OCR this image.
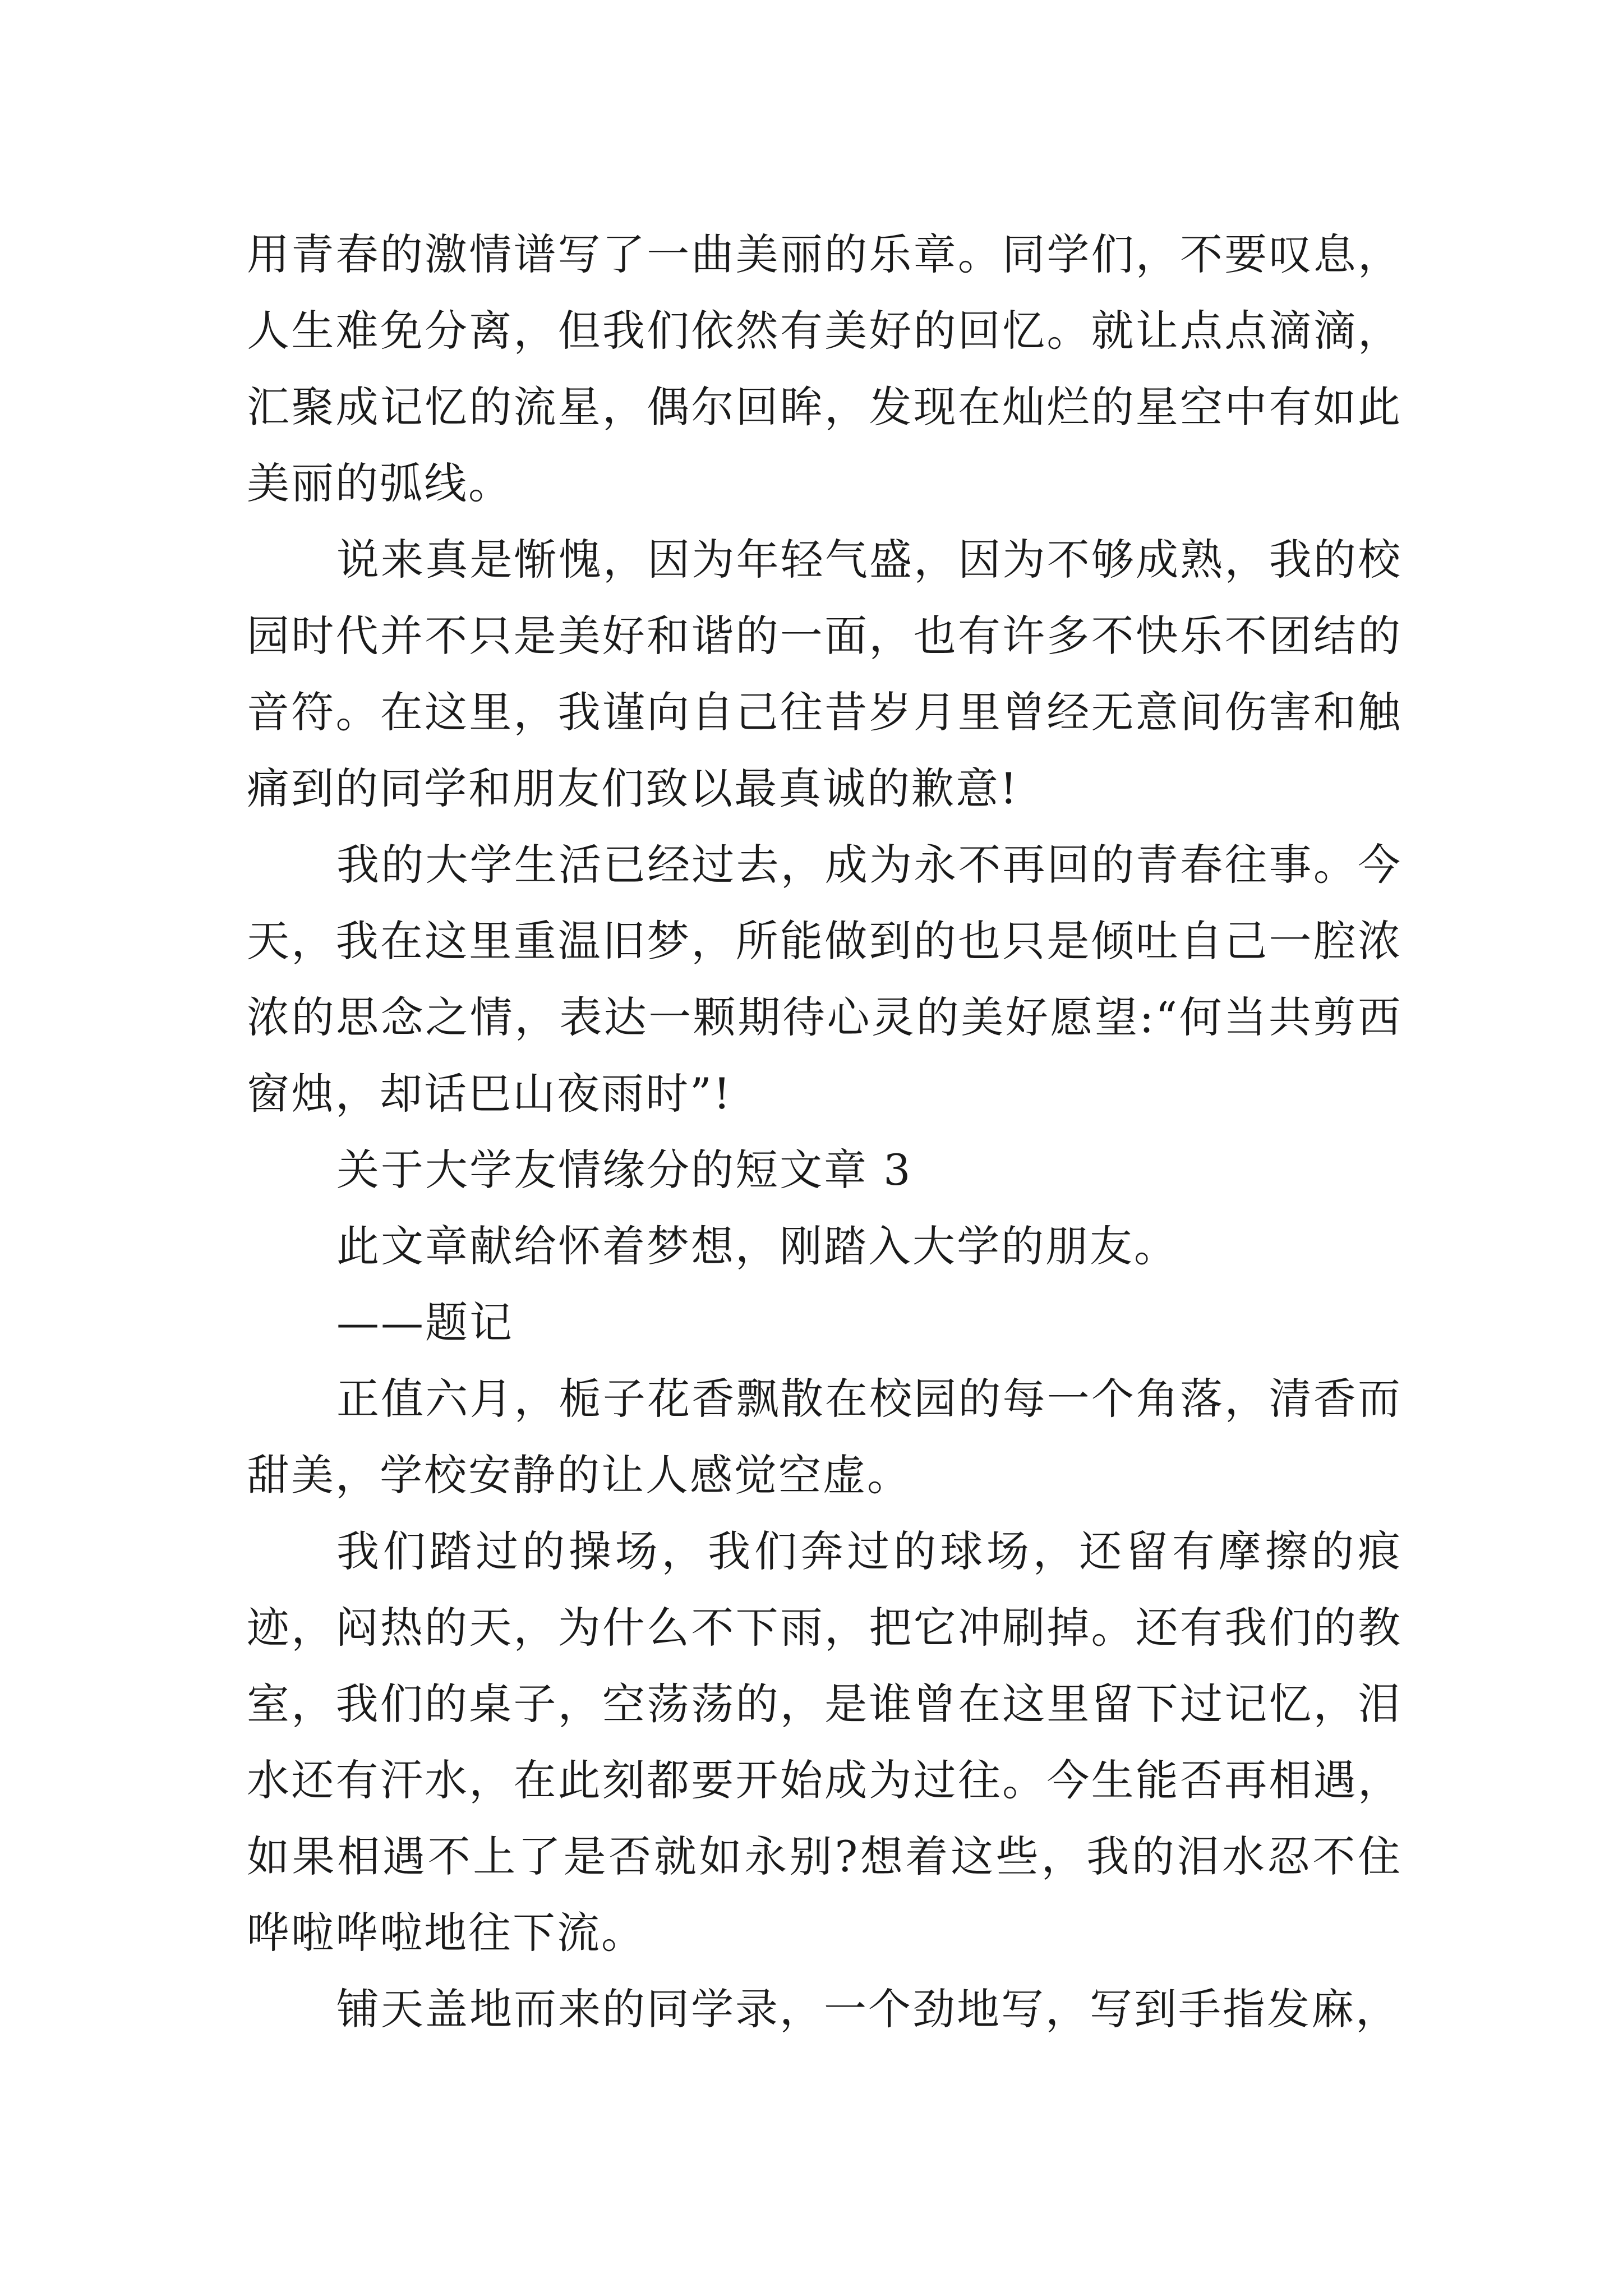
用青春的激情谱写了一曲美丽的乐章。同学们，不要叹息，人生难免分离，但我们依然有美好的回忆。就让点点滴滴，汇聚成记忆的流星，偶尔回眸，发现在灿烂的星空中有如此美丽的弧线。

说来真是惭愧，因为年轻气盛，因为不够成熟，我的校园时代并不只是美好和谐的一面，也有许多不快乐不团结的音符。在这里，我谨向自己往昔岁月里曾经无意间伤害和触痛到的同学和朋友们致以最真诚的歉意!

我的大学生活已经过去，成为永不再回的青春往事。今天，我在这里重温旧梦，所能做到的也只是倾吐自己一腔浓浓的思念之情，表达一颗期待心灵的美好愿望:“何当共剪西窗烛，却话巴山夜雨时”!

关于大学友情缘分的短文章 3

此文章献给怀着梦想，刚踏入大学的朋友。

——题记

正值六月，栀子花香飘散在校园的每一个角落，清香而甜美，学校安静的让人感觉空虚。

我们踏过的操场，我们奔过的球场，还留有摩擦的痕迹，闷热的天，为什么不下雨，把它冲刷掉。还有我们的教室，我们的桌子，空荡荡的，是谁曾在这里留下过记忆，泪水还有汗水，在此刻都要开始成为过往。今生能否再相遇，如果相遇不上了是否就如永别?想着这些，我的泪水忍不住哗啦哗啦地往下流。

铺天盖地而来的同学录，一个劲地写，写到手指发麻，
